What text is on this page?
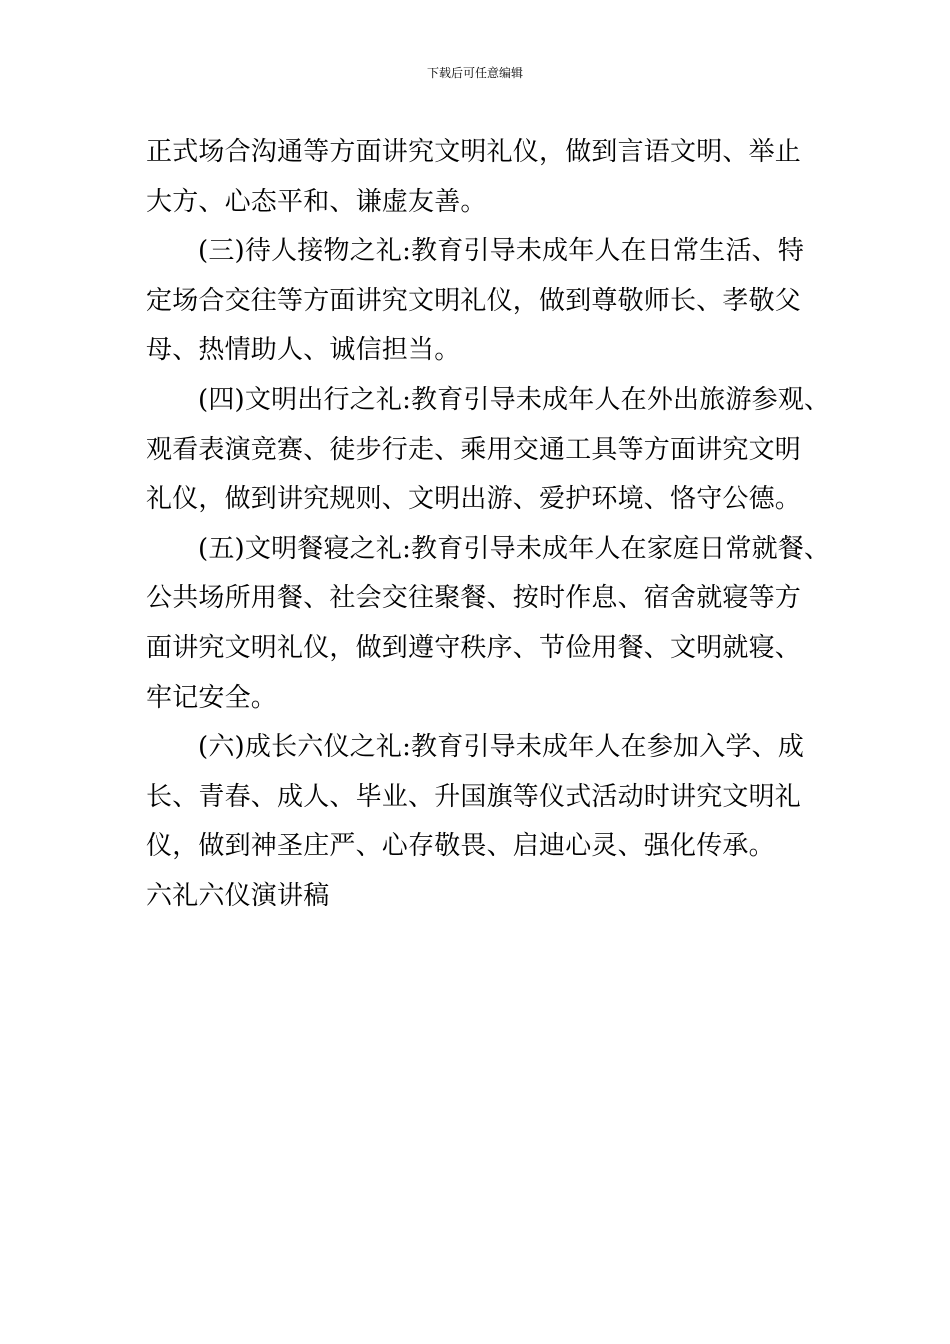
下载后可任意编辑
正式场合沟通等方面讲究文明礼仪，做到言语文明、举止
大方、心态平和、谦虚友善。
(三)待人接物之礼:教育引导未成年人在日常生活、特
定场合交往等方面讲究文明礼仪，做到尊敬师长、孝敬父
母、热情助人、诚信担当。
(四)文明出行之礼:教育引导未成年人在外出旅游参观、
观看表演竞赛、徒步行走、乘用交通工具等方面讲究文明
礼仪，做到讲究规则、文明出游、爱护环境、恪守公德。
(五)文明餐寝之礼:教育引导未成年人在家庭日常就餐、
公共场所用餐、社会交往聚餐、按时作息、宿舍就寝等方
面讲究文明礼仪，做到遵守秩序、节俭用餐、文明就寝、
牢记安全。
(六)成长六仪之礼:教育引导未成年人在参加入学、成
长、青春、成人、毕业、升国旗等仪式活动时讲究文明礼
仪，做到神圣庄严、心存敬畏、启迪心灵、强化传承。
六礼六仪演讲稿
